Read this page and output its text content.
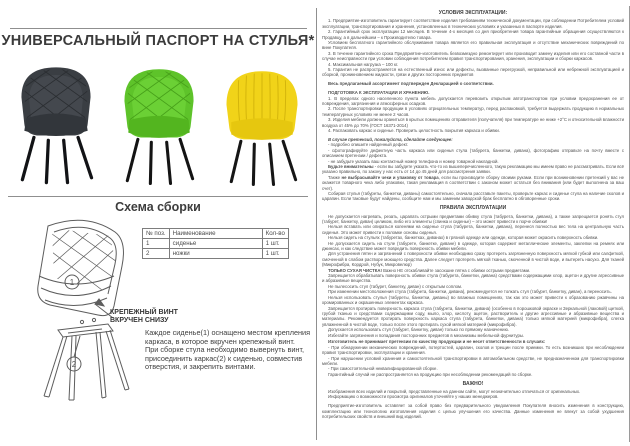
УНИВЕРСАЛЬНЫЙ ПАСПОРТ НА СТУЛЬЯ*
Схема сборки
1
2
№ поз.	Наименование	Кол-во
1	сиденье	1 шт.
2	ножки	1 шт.
КРЕПЕЖНЫЙ ВИНТ
ВКРУЧЕН СНИЗУ

Каждое сиденье(1) оснащено местом крепления каркаса, в которое вкручен крепежный винт.

При сборке стула необходимо вывернуть винт, присоединить каркас(2) к сиденью, совместив отверстия, и закрепить винтами.

УСЛОВИЯ ЭКСПЛУАТАЦИИ:

1. Предприятие-изготовитель гарантирует соответствие изделия требованиям технической документации, при соблюдении Потребителем условий эксплуатации, транспортирования и хранения, установленных в технических условиях и указанных в паспорте изделия.

2. Гарантийный срок эксплуатации 12 месяцев. В течение 4-х месяцев со дня приобретения товара гарантийные обращения осуществляются к Продавцу, а в дальнейшем – к Производителю товара.

Условием бесплатного гарантийного обслуживания товара является его правильная эксплуатация и отсутствие механических повреждений по вине Покупателя.

3. В течение гарантийного срока Предприятие-изготовитель безвозмездно ремонтирует или производит замену изделия или его составной части в случае неисправности при условии соблюдения потребителем правил транспортирования, хранения, эксплуатации и сборки каркасов.

4. Максимальная нагрузка – 100 кг.

5. Гарантия не распространяется на естественный износ или дефекты, вызванные перегрузкой, неправильной или небрежной эксплуатацией и сборкой, проникновением жидкости, грязи и других посторонних предметов

Весь предлагаемый ассортимент подтвержден Декларацией о соответствии.

ПОДГОТОВКА К ЭКСПЛУАТАЦИИ И ХРАНЕНИЮ.

1. В пределах одного населенного пункта мебель допускается перевозить открытым автотранспортом при условии предохранения ее от повреждения, загрязнения и атмосферных осадков.

2. После транспортировки продукции в условиях отрицательных температур, перед распаковкой, требуется выдержать продукцию в нормальных температурных условиях не менее 2 часов.

3. Изделия мебели должны храниться в крытых помещениях отправителя (получателя) при температуре не ниже +2°С и относительной влажности воздуха от 45% до 70% (ГОСТ 16371-2014)

4. Распаковать каркас и сиденье. Проверить целостность покрытия каркаса и обивки.

В случае претензий, пожалуйста, сделайте следующее:

- подробно опишите найденный дефект.

- сфотографируйте дефектную часть каркаса или сиденья стула (табурета, банкетки, дивана), фотографию отправьте на почту вместе с описанием претензии / дефекта.

- не забудьте указать ваш контактный номер телефона и номер товарной накладной.

Будьте внимательны - если вы забудете указать что-то из вышеперечисленного, такую рекламацию мы имеем право не рассматривать. Если всё указано правильно, по закону у нас есть от 14 до 45 дней для рассмотрения заявки.

Также не выбрасывайте чеки и упаковку от товара, если вы производите сборку своими руками. Если при возникновении претензий у вас не окажется товарного чека либо упаковки, такая рекламация в соответствии с законом может остаться без внимания (или будет выполнена за ваш счет).

Собирая стулья (табуреты, банкетки, диваны) самостоятельно, сначала расставьте пакеты, проверьте каркас и сиденье стула на наличие сколов и царапин. Если таковые будут найдены, сообщите нам и мы заменим заводской брак бесплатно в обговоренные сроки.

ПРАВИЛА ЭКСПЛУАТАЦИИ

Не допускается нагревать, резать, царапать острыми предметами обивку стула (табурета, банкетки, дивана), а также запрещается ронять стул (табурет, банкетку, диван) целиком, либо его элементы (спинка и сиденье) – это может привести к порче обивки!

Нельзя вставать или опираться коленями на сиденье стула (табурета, банкетки, дивана), перенеся полностью вес тела на центральную часть сиденья. Это может привести к поломке основы сиденья.

Нельзя сидеть на стульях (табуретах, банкетках, диванах) в грязной одежде или одежде, которая может окрасить поверхность обивки.

Не допускается сидеть на стуле (табурете, банкетке, диване) в одежде, которая содержит металлические элементы, заклепки на ремнях или джинсах, и как следствие может повредить поверхность обивки мебели.

Для устранения пятен и загрязнений с поверхности обивки необходимо сразу протереть загрязненную поверхность мягкой губкой или салфеткой, смоченной в слабом растворе моющего средства. Далее следует протереть мягкой тканью, смоченной в чистой воде, и вытереть насухо. Для тканей (Микрофибра, Кордрой, Нубук, Микровелюр)

ТОЛЬКО СУХАЯ ЧИСТКА! Важно НЕ отскабливайте засохшие пятна с обивки острыми предметами.

Запрещается обрабатывать поверхность обивки стула (табурета, банкетки, дивана) средствами содержащими хлор, ацетон и другие агрессивные и абразивные вещества.

Не пылесосить стул (табурет, банкетку, диван) с открытым соплом.

При изменении местоположения стула (табурета, банкетки, дивана), рекомендуется не толкать стул (табурет, банкетку, диван), а переносить.

Нельзя использовать стулья (табуреты, банкетки, диваны) во влажных помещениях, так как это может привести к образованию ржавчины на хромированных и окрашенных элементах каркаса.

Запрещается протирать поверхность каркаса стула (табурета, банкетки, дивана) (особенно в порошковой окраске и Зеркальной (лаковой) щеткой, грубой тканью и средствами содержащими соду, мыло, хлор, кислоту, ацетон, растворитель и другие агрессивные и абразивные вещества и материалы. Рекомендуется протирать поверхность каркаса стула (табурета, банкетки, дивана) только мягкой материей (микрофибра), слегка увлажненной в чистой воде, только после этого протирать сухой мягкой материей (микрофибра).

Допускается использовать стул (табурет, банкетку, диван) только по прямому назначению.

Избегайте загрязнения и попадания посторонних предметов в механизмы мебельной фурнитуры.

Изготовитель не принимает претензии по качеству продукции и не несет ответственности в случаях:

- При обнаружении механических повреждений, потертостей, царапин, сколов и трещин после приемки. То есть возникших при несоблюдении правил транспортировки, эксплуатации и хранения.

- При нарушении условий хранения и самостоятельной транспортировки в автомобильном средстве, не предназначенном для транспортировки мебели.

- При самостоятельной неквалифицированной сборке.

Гарантийный случай не распространяется на продукцию при несоблюдении рекомендаций по сборке.

ВАЖНО!

Изображения всех изделий и покрытий, представленные на данном сайте, могут незначительно отличаться от оригинальных.

Информацию о возможности просмотра оригиналов уточняйте у наших менеджеров.

Предприятие-изготовитель оставляет за собой право без предварительного уведомления Покупателя вносить изменения в конструкцию, комплектацию или технологию изготовления изделия с целью улучшения его качества. Данные изменения не влекут за собой ухудшения потребительских свойств и внешний вид изделий.
